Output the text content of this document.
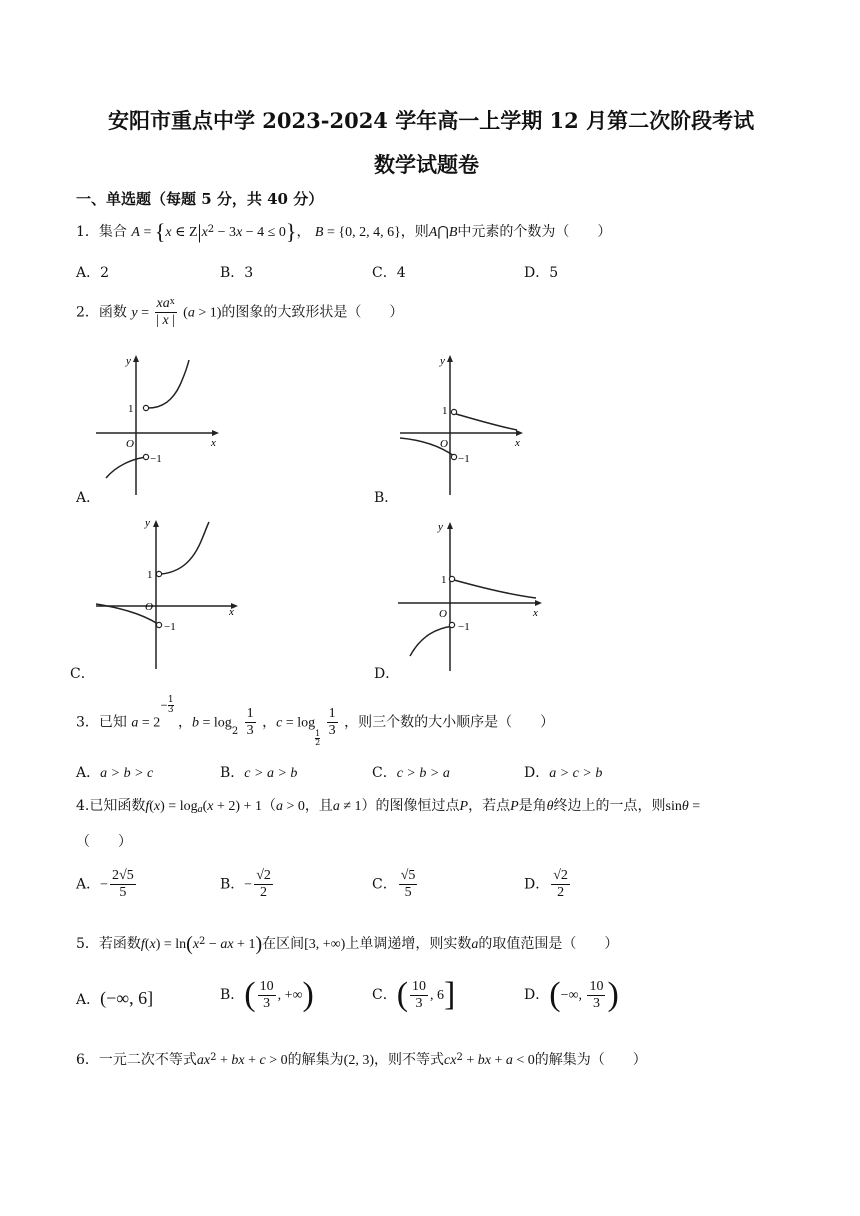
安阳市重点中学 2023-2024 学年高一上学期 12 月第二次阶段考试
数学试题卷
一、单选题（每题 5 分，共 40 分）
1．集合 A = {x ∈ $Z|x^2 - 3x - 4 \le 0$}， B = {0, 2, 4, 6}，则A⋂B中元素的个数为（　　）
A．2	B．3	C．4	D．5
2．函数 $y = \frac{xa^x}{| x |} (a > 1)$的图象的大致形状是（　　）
y
x
O
1
−1
A．
y
x
O
1
−1
B．
y
x
O
1
−1
C．
y
x
O
1
−1
D．
3．已知 a = 2
− $\frac{1}{3}$
，$b = \log_2 \frac{1}{3}$ ，c = log
$\frac{1}{2}$
$\frac{1}{3}$ ，则三个数的大小顺序是（　　）
A．a > b > c	B．c > a > b	C．c > b > a	D．a > c > b
4.已知函数$f(x) = \log_a(x + 2) + 1(a > 0$，且a ≠ 1）的图像恒过点P，若点P是角θ终边上的一点，则sinθ =
（　　）
A．− $\frac{2√5}{5}$	B．− $\frac{√2}{2}$	C． $\frac{√5}{5}$	D． $\frac{√2}{2}$
5．若函数$f(x) = \ln(x^2$ − ax + 1)在区间[3, +∞)上单调递增，则实数a的取值范围是（　　）
A．(−∞, 6]	B．( $\frac{10}{3}$ , +∞)	C．( $\frac{10}{3}$ , 6]	D．(−∞, $\frac{10}{3}$ )
6．一元二次不等式$ax^2$ + bx + c > 0的解集为(2, 3)，则不等式$cx^2$ + bx + a < 0的解集为（　　）
